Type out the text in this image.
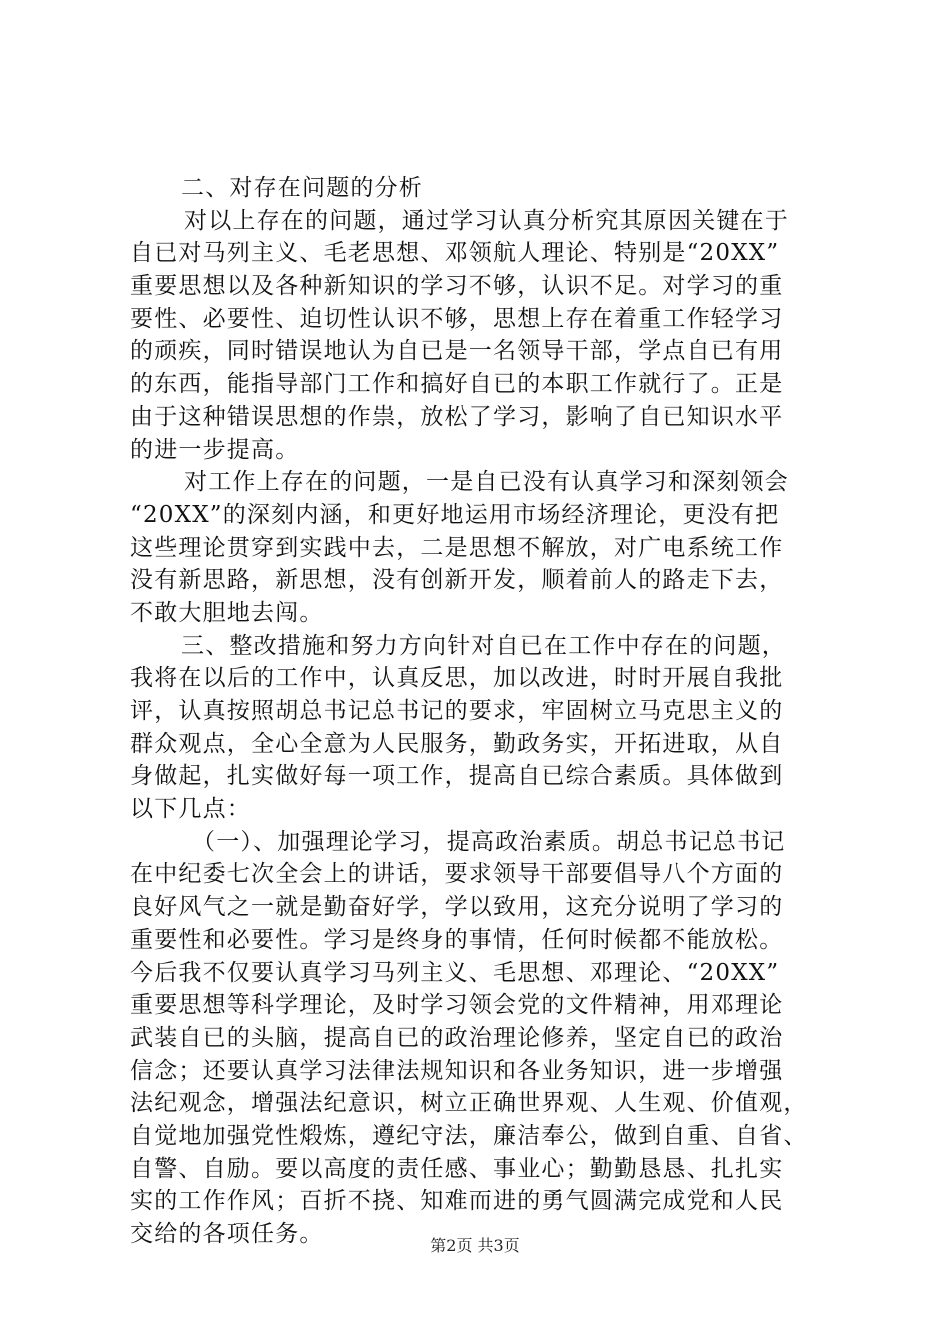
二、对存在问题的分析
对以上存在的问题，通过学习认真分析究其原因关键在于
自已对马列主义、毛老思想、邓领航人理论、特别是“20XX”
重要思想以及各种新知识的学习不够，认识不足。对学习的重
要性、必要性、迫切性认识不够，思想上存在着重工作轻学习
的顽疾，同时错误地认为自已是一名领导干部，学点自已有用
的东西，能指导部门工作和搞好自已的本职工作就行了。正是
由于这种错误思想的作祟，放松了学习，影响了自已知识水平
的进一步提高。
对工作上存在的问题，一是自已没有认真学习和深刻领会
“20XX”的深刻内涵，和更好地运用市场经济理论，更没有把
这些理论贯穿到实践中去，二是思想不解放，对广电系统工作
没有新思路，新思想，没有创新开发，顺着前人的路走下去，
不敢大胆地去闯。
三、整改措施和努力方向针对自已在工作中存在的问题，
我将在以后的工作中，认真反思，加以改进，时时开展自我批
评，认真按照胡总书记总书记的要求，牢固树立马克思主义的
群众观点，全心全意为人民服务，勤政务实，开拓进取，从自
身做起，扎实做好每一项工作，提高自已综合素质。具体做到
以下几点：
（一）、加强理论学习，提高政治素质。胡总书记总书记
在中纪委七次全会上的讲话，要求领导干部要倡导八个方面的
良好风气之一就是勤奋好学，学以致用，这充分说明了学习的
重要性和必要性。学习是终身的事情，任何时候都不能放松。
今后我不仅要认真学习马列主义、毛思想、邓理论、“20XX”
重要思想等科学理论，及时学习领会党的文件精神，用邓理论
武装自已的头脑，提高自已的政治理论修养，坚定自已的政治
信念；还要认真学习法律法规知识和各业务知识，进一步增强
法纪观念，增强法纪意识，树立正确世界观、人生观、价值观，
自觉地加强党性煅炼，遵纪守法，廉洁奉公，做到自重、自省、
自警、自励。要以高度的责任感、事业心；勤勤恳恳、扎扎实
实的工作作风；百折不挠、知难而进的勇气圆满完成党和人民
交给的各项任务。	第2页 共3页
